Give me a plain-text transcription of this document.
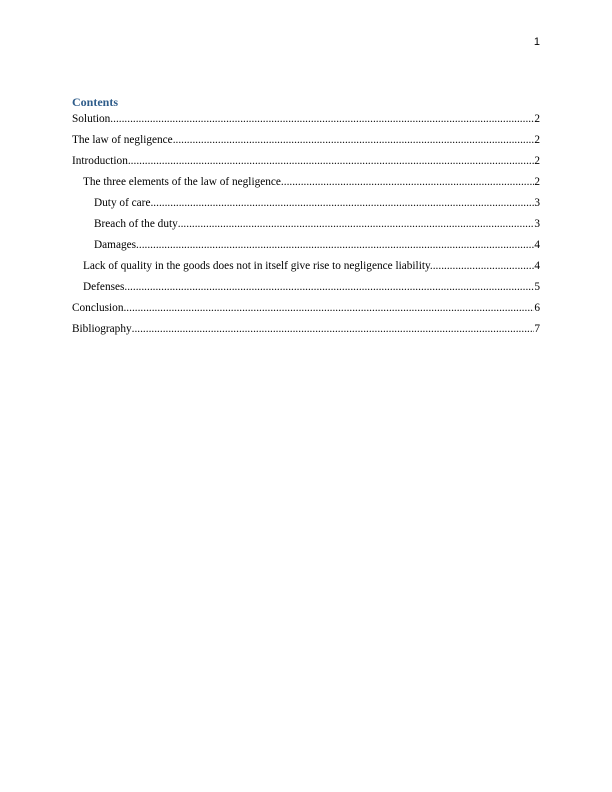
1
Contents
Solution .....	2
The law of negligence .....	2
Introduction .....	2
The three elements of the law of negligence .....	2
Duty of care .....	3
Breach of the duty .....	3
Damages .....	4
Lack of quality in the goods does not in itself give rise to negligence liability. .....	4
Defenses .....	5
Conclusion .....	6
Bibliography .....	7
